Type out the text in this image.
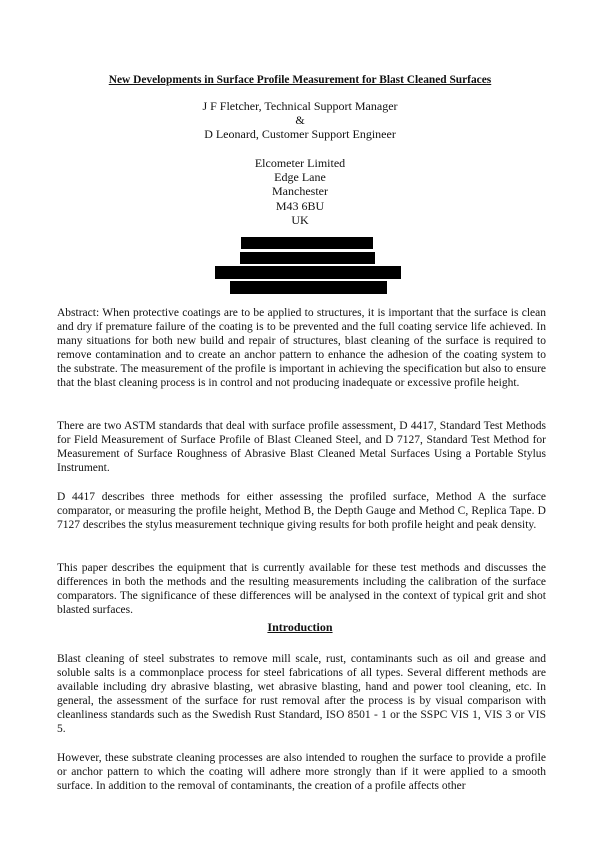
New Developments in Surface Profile Measurement for Blast Cleaned Surfaces
J F Fletcher, Technical Support Manager
&
D Leonard, Customer Support Engineer
Elcometer Limited
Edge Lane
Manchester
M43 6BU
UK

Abstract: When protective coatings are to be applied to structures, it is important that the surface is clean and dry if premature failure of the coating is to be prevented and the full coating service life achieved. In many situations for both new build and repair of structures, blast cleaning of the surface is required to remove contamination and to create an anchor pattern to enhance the adhesion of the coating system to the substrate. The measurement of the profile is important in achieving the specification but also to ensure that the blast cleaning process is in control and not producing inadequate or excessive profile height.

There are two ASTM standards that deal with surface profile assessment, D 4417, Standard Test Methods for Field Measurement of Surface Profile of Blast Cleaned Steel, and D 7127, Standard Test Method for Measurement of Surface Roughness of Abrasive Blast Cleaned Metal Surfaces Using a Portable Stylus Instrument.

D 4417 describes three methods for either assessing the profiled surface, Method A the surface comparator, or measuring the profile height, Method B, the Depth Gauge and Method C, Replica Tape. D 7127 describes the stylus measurement technique giving results for both profile height and peak density.

This paper describes the equipment that is currently available for these test methods and discusses the differences in both the methods and the resulting measurements including the calibration of the surface comparators. The significance of these differences will be analysed in the context of typical grit and shot blasted surfaces.

Introduction

Blast cleaning of steel substrates to remove mill scale, rust, contaminants such as oil and grease and soluble salts is a commonplace process for steel fabrications of all types. Several different methods are available including dry abrasive blasting, wet abrasive blasting, hand and power tool cleaning, etc. In general, the assessment of the surface for rust removal after the process is by visual comparison with cleanliness standards such as the Swedish Rust Standard, ISO 8501 - 1 or the SSPC VIS 1, VIS 3 or VIS 5.

However, these substrate cleaning processes are also intended to roughen the surface to provide a profile or anchor pattern to which the coating will adhere more strongly than if it were applied to a smooth surface. In addition to the removal of contaminants, the creation of a profile affects other
